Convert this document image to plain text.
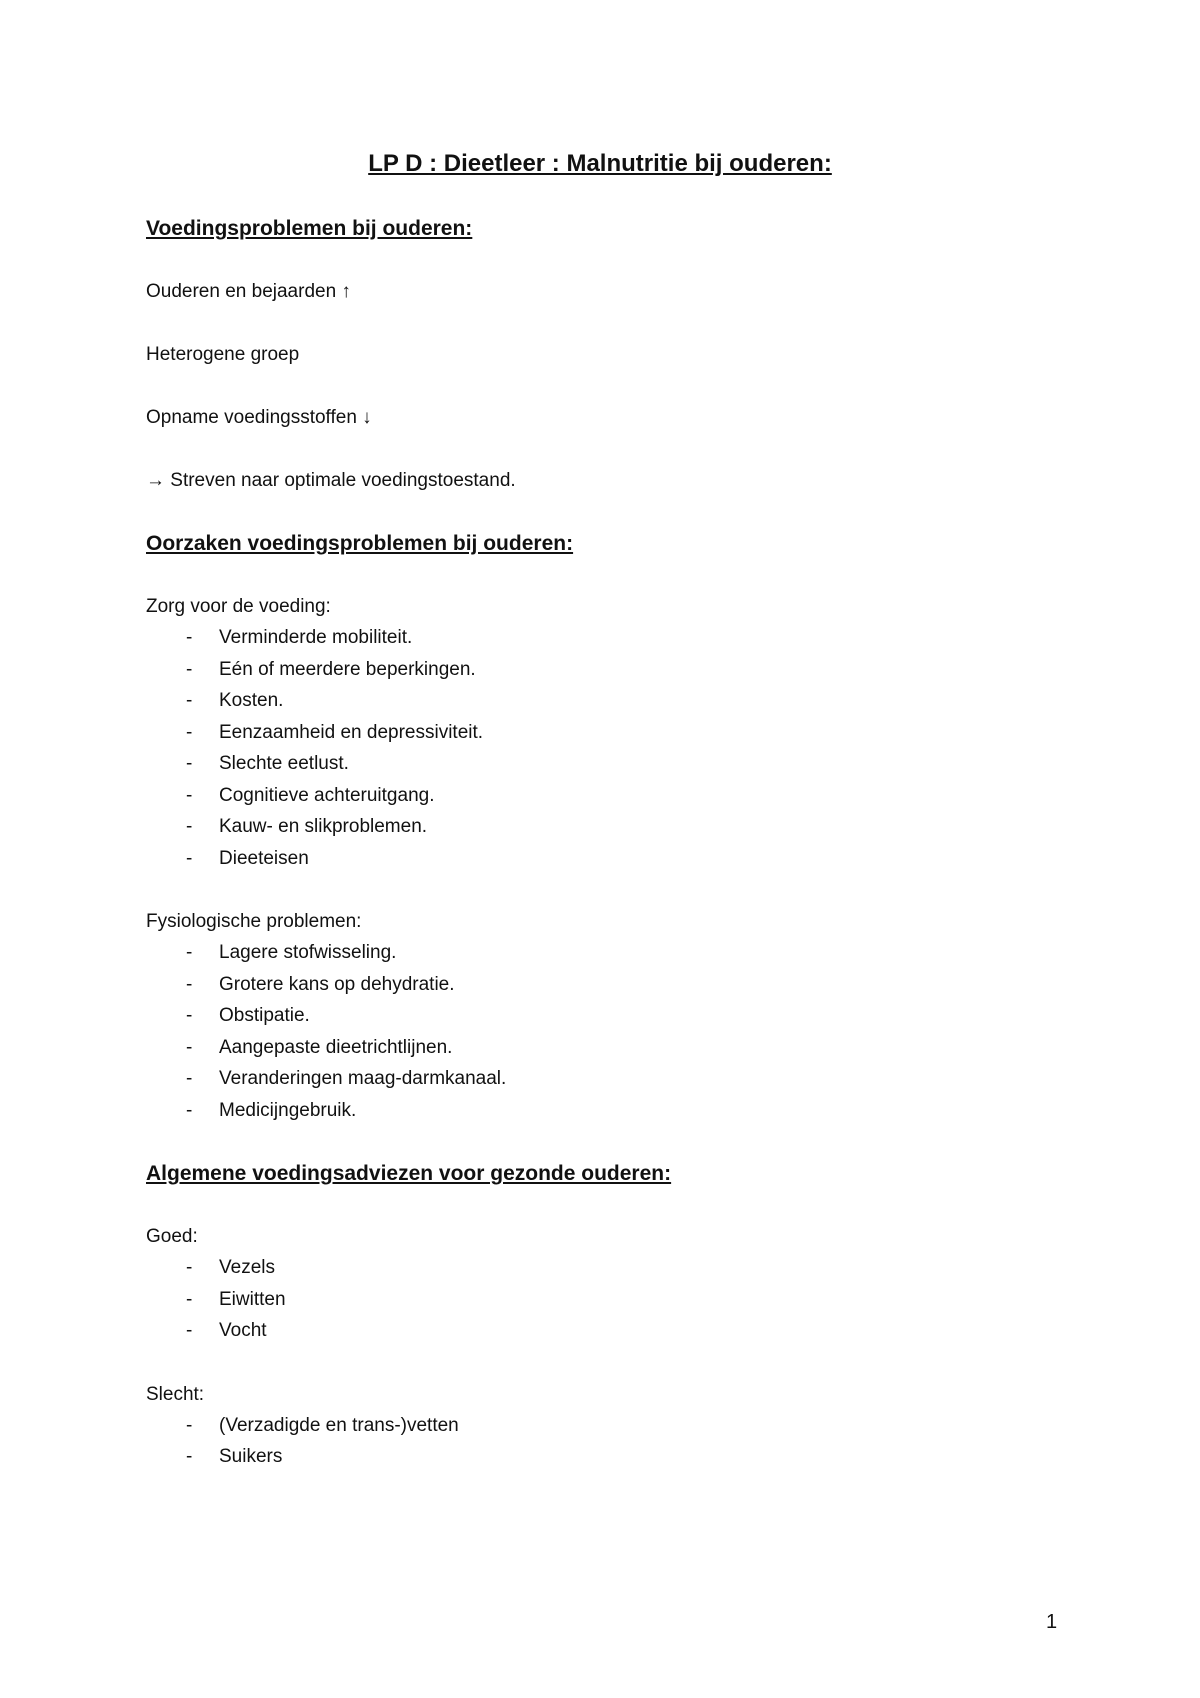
LP D : Dieetleer : Malnutritie bij ouderen:
Voedingsproblemen bij ouderen:

Ouderen en bejaarden ↑

Heterogene groep

Opname voedingsstoffen ↓

→ Streven naar optimale voedingstoestand.

Oorzaken voedingsproblemen bij ouderen:

Zorg voor de voeding:

- Verminderde mobiliteit.
- Eén of meerdere beperkingen.
- Kosten.
- Eenzaamheid en depressiviteit.
- Slechte eetlust.
- Cognitieve achteruitgang.
- Kauw- en slikproblemen.
- Dieeteisen

Fysiologische problemen:

- Lagere stofwisseling.
- Grotere kans op dehydratie.
- Obstipatie.
- Aangepaste dieetrichtlijnen.
- Veranderingen maag-darmkanaal.
- Medicijngebruik.
Algemene voedingsadviezen voor gezonde ouderen:

Goed:

- Vezels
- Eiwitten
- Vocht

Slecht:

- (Verzadigde en trans-)vetten
- Suikers
1
